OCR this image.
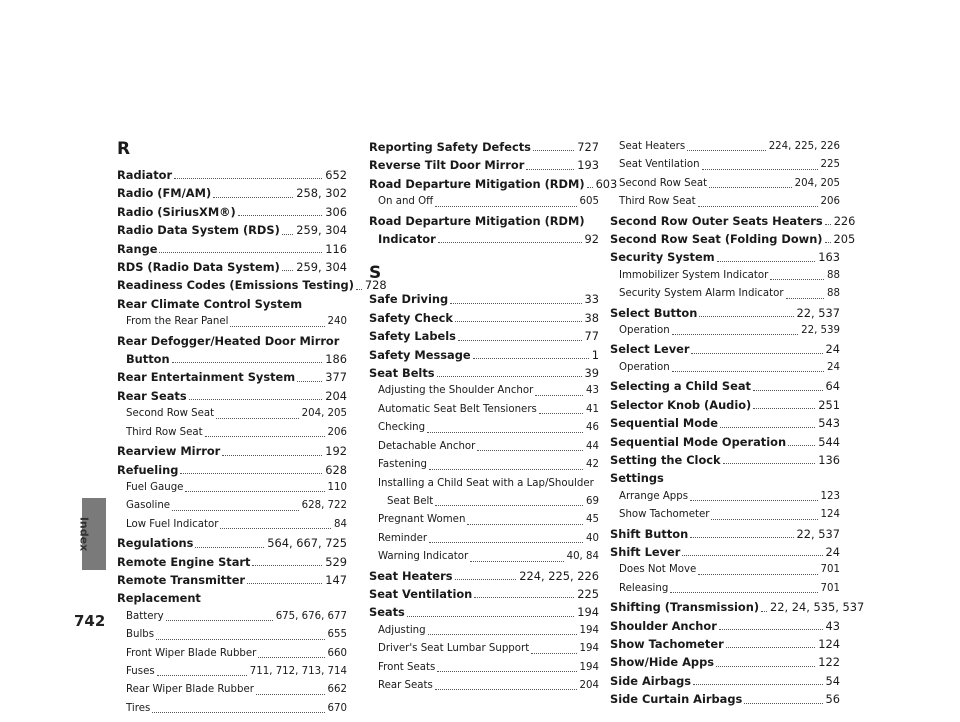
Index
742
R
Radiator	652
Radio (FM/AM)	258, 302
Radio (SiriusXM®)	306
Radio Data System (RDS) 259, 304
Range	116
RDS (Radio Data System) 259, 304
Readiness Codes (Emissions Testing) 728
Rear Climate Control System
From the Rear Panel	240
Rear Defogger/Heated Door Mirror
Button	186
Rear Entertainment System	377
Rear Seats	204
Second Row Seat	204, 205
Third Row Seat	206
Rearview Mirror	192
Refueling	628
Fuel Gauge	110
Gasoline	628, 722
Low Fuel Indicator	84
Regulations	564, 667, 725
Remote Engine Start	529
Remote Transmitter	147
Replacement
Battery	675, 676, 677
Bulbs	655
Front Wiper Blade Rubber	660
Fuses	711, 712, 713, 714
Rear Wiper Blade Rubber	662
Tires	670
Reporting Safety Defects	727
Reverse Tilt Door Mirror	193
Road Departure Mitigation (RDM) 603
On and Off	605
Road Departure Mitigation (RDM)
Indicator	92
S
Safe Driving	33
Safety Check	38
Safety Labels	77
Safety Message	1
Seat Belts	39
Adjusting the Shoulder Anchor	43
Automatic Seat Belt Tensioners	41
Checking	46
Detachable Anchor	44
Fastening	42
Installing a Child Seat with a Lap/Shoulder
Seat Belt	69
Pregnant Women	45
Reminder	40
Warning Indicator	40, 84
Seat Heaters	224, 225, 226
Seat Ventilation	225
Seats	194
Adjusting	194
Driver's Seat Lumbar Support	194
Front Seats	194
Rear Seats	204
Seat Heaters	224, 225, 226
Seat Ventilation	225
Second Row Seat	204, 205
Third Row Seat	206
Second Row Outer Seats Heaters 226
Second Row Seat (Folding Down) 205
Security System	163
Immobilizer System Indicator	88
Security System Alarm Indicator	88
Select Button	22, 537
Operation	22, 539
Select Lever	24
Operation	24
Selecting a Child Seat	64
Selector Knob (Audio)	251
Sequential Mode	543
Sequential Mode Operation	544
Setting the Clock	136
Settings
Arrange Apps	123
Show Tachometer	124
Shift Button	22, 537
Shift Lever	24
Does Not Move	701
Releasing	701
Shifting (Transmission) 22, 24, 535, 537
Shoulder Anchor	43
Show Tachometer	124
Show/Hide Apps	122
Side Airbags	54
Side Curtain Airbags	56
